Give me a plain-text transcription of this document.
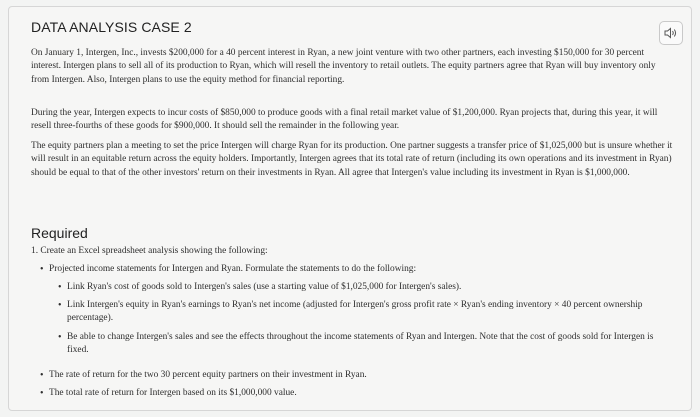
DATA ANALYSIS CASE 2

On January 1, Intergen, Inc., invests $200,000 for a 40 percent interest in Ryan, a new joint venture with two other partners, each investing $150,000 for 30 percent interest. Intergen plans to sell all of its production to Ryan, which will resell the inventory to retail outlets. The equity partners agree that Ryan will buy inventory only from Intergen. Also, Intergen plans to use the equity method for financial reporting.

During the year, Intergen expects to incur costs of $850,000 to produce goods with a final retail market value of $1,200,000. Ryan projects that, during this year, it will resell three-fourths of these goods for $900,000. It should sell the remainder in the following year.

The equity partners plan a meeting to set the price Intergen will charge Ryan for its production. One partner suggests a transfer price of $1,025,000 but is unsure whether it will result in an equitable return across the equity holders. Importantly, Intergen agrees that its total rate of return (including its own operations and its investment in Ryan) should be equal to that of the other investors' return on their investments in Ryan. All agree that Intergen's value including its investment in Ryan is $1,000,000.

Required

1. Create an Excel spreadsheet analysis showing the following:

• Projected income statements for Intergen and Ryan. Formulate the statements to do the following:

• Link Ryan's cost of goods sold to Intergen's sales (use a starting value of $1,025,000 for Intergen's sales).

• Link Intergen's equity in Ryan's earnings to Ryan's net income (adjusted for Intergen's gross profit rate × Ryan's ending inventory × 40 percent ownership percentage).

• Be able to change Intergen's sales and see the effects throughout the income statements of Ryan and Intergen. Note that the cost of goods sold for Intergen is fixed.

• The rate of return for the two 30 percent equity partners on their investment in Ryan.

• The total rate of return for Intergen based on its $1,000,000 value.
